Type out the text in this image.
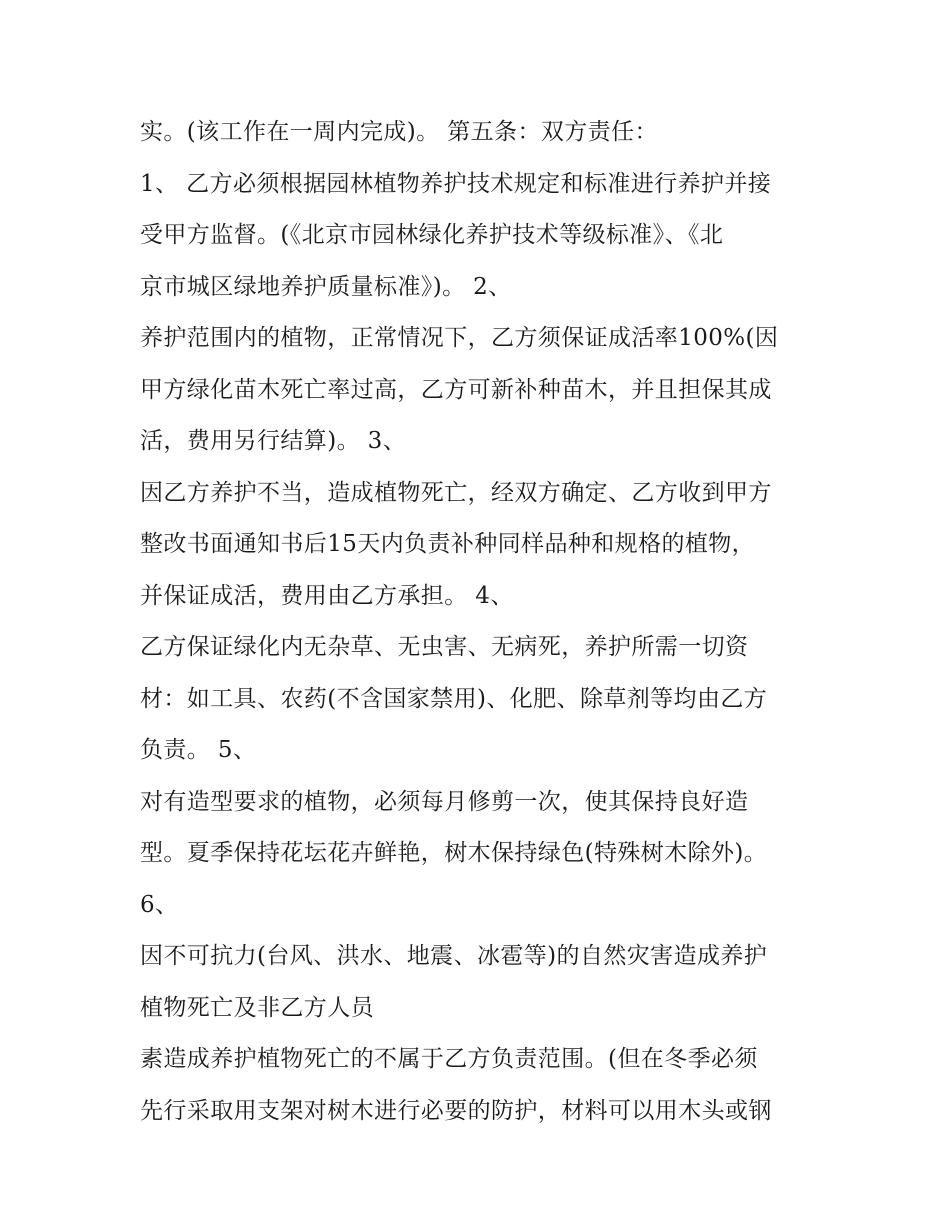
实。(该工作在一周内完成)。 第五条：双方责任：
1、 乙方必须根据园林植物养护技术规定和标准进行养护并接
受甲方监督。(《北京市园林绿化养护技术等级标准》、《北
京市城区绿地养护质量标准》)。 2、
养护范围内的植物，正常情况下，乙方须保证成活率100%(因
甲方绿化苗木死亡率过高，乙方可新补种苗木，并且担保其成
活，费用另行结算)。 3、
因乙方养护不当，造成植物死亡，经双方确定、乙方收到甲方
整改书面通知书后15天内负责补种同样品种和规格的植物，
并保证成活，费用由乙方承担。 4、
乙方保证绿化内无杂草、无虫害、无病死，养护所需一切资
材：如工具、农药(不含国家禁用)、化肥、除草剂等均由乙方
负责。 5、
对有造型要求的植物，必须每月修剪一次，使其保持良好造
型。夏季保持花坛花卉鲜艳，树木保持绿色(特殊树木除外)。
6、
因不可抗力(台风、洪水、地震、冰雹等)的自然灾害造成养护
植物死亡及非乙方人员
素造成养护植物死亡的不属于乙方负责范围。(但在冬季必须
先行采取用支架对树木进行必要的防护，材料可以用木头或钢
